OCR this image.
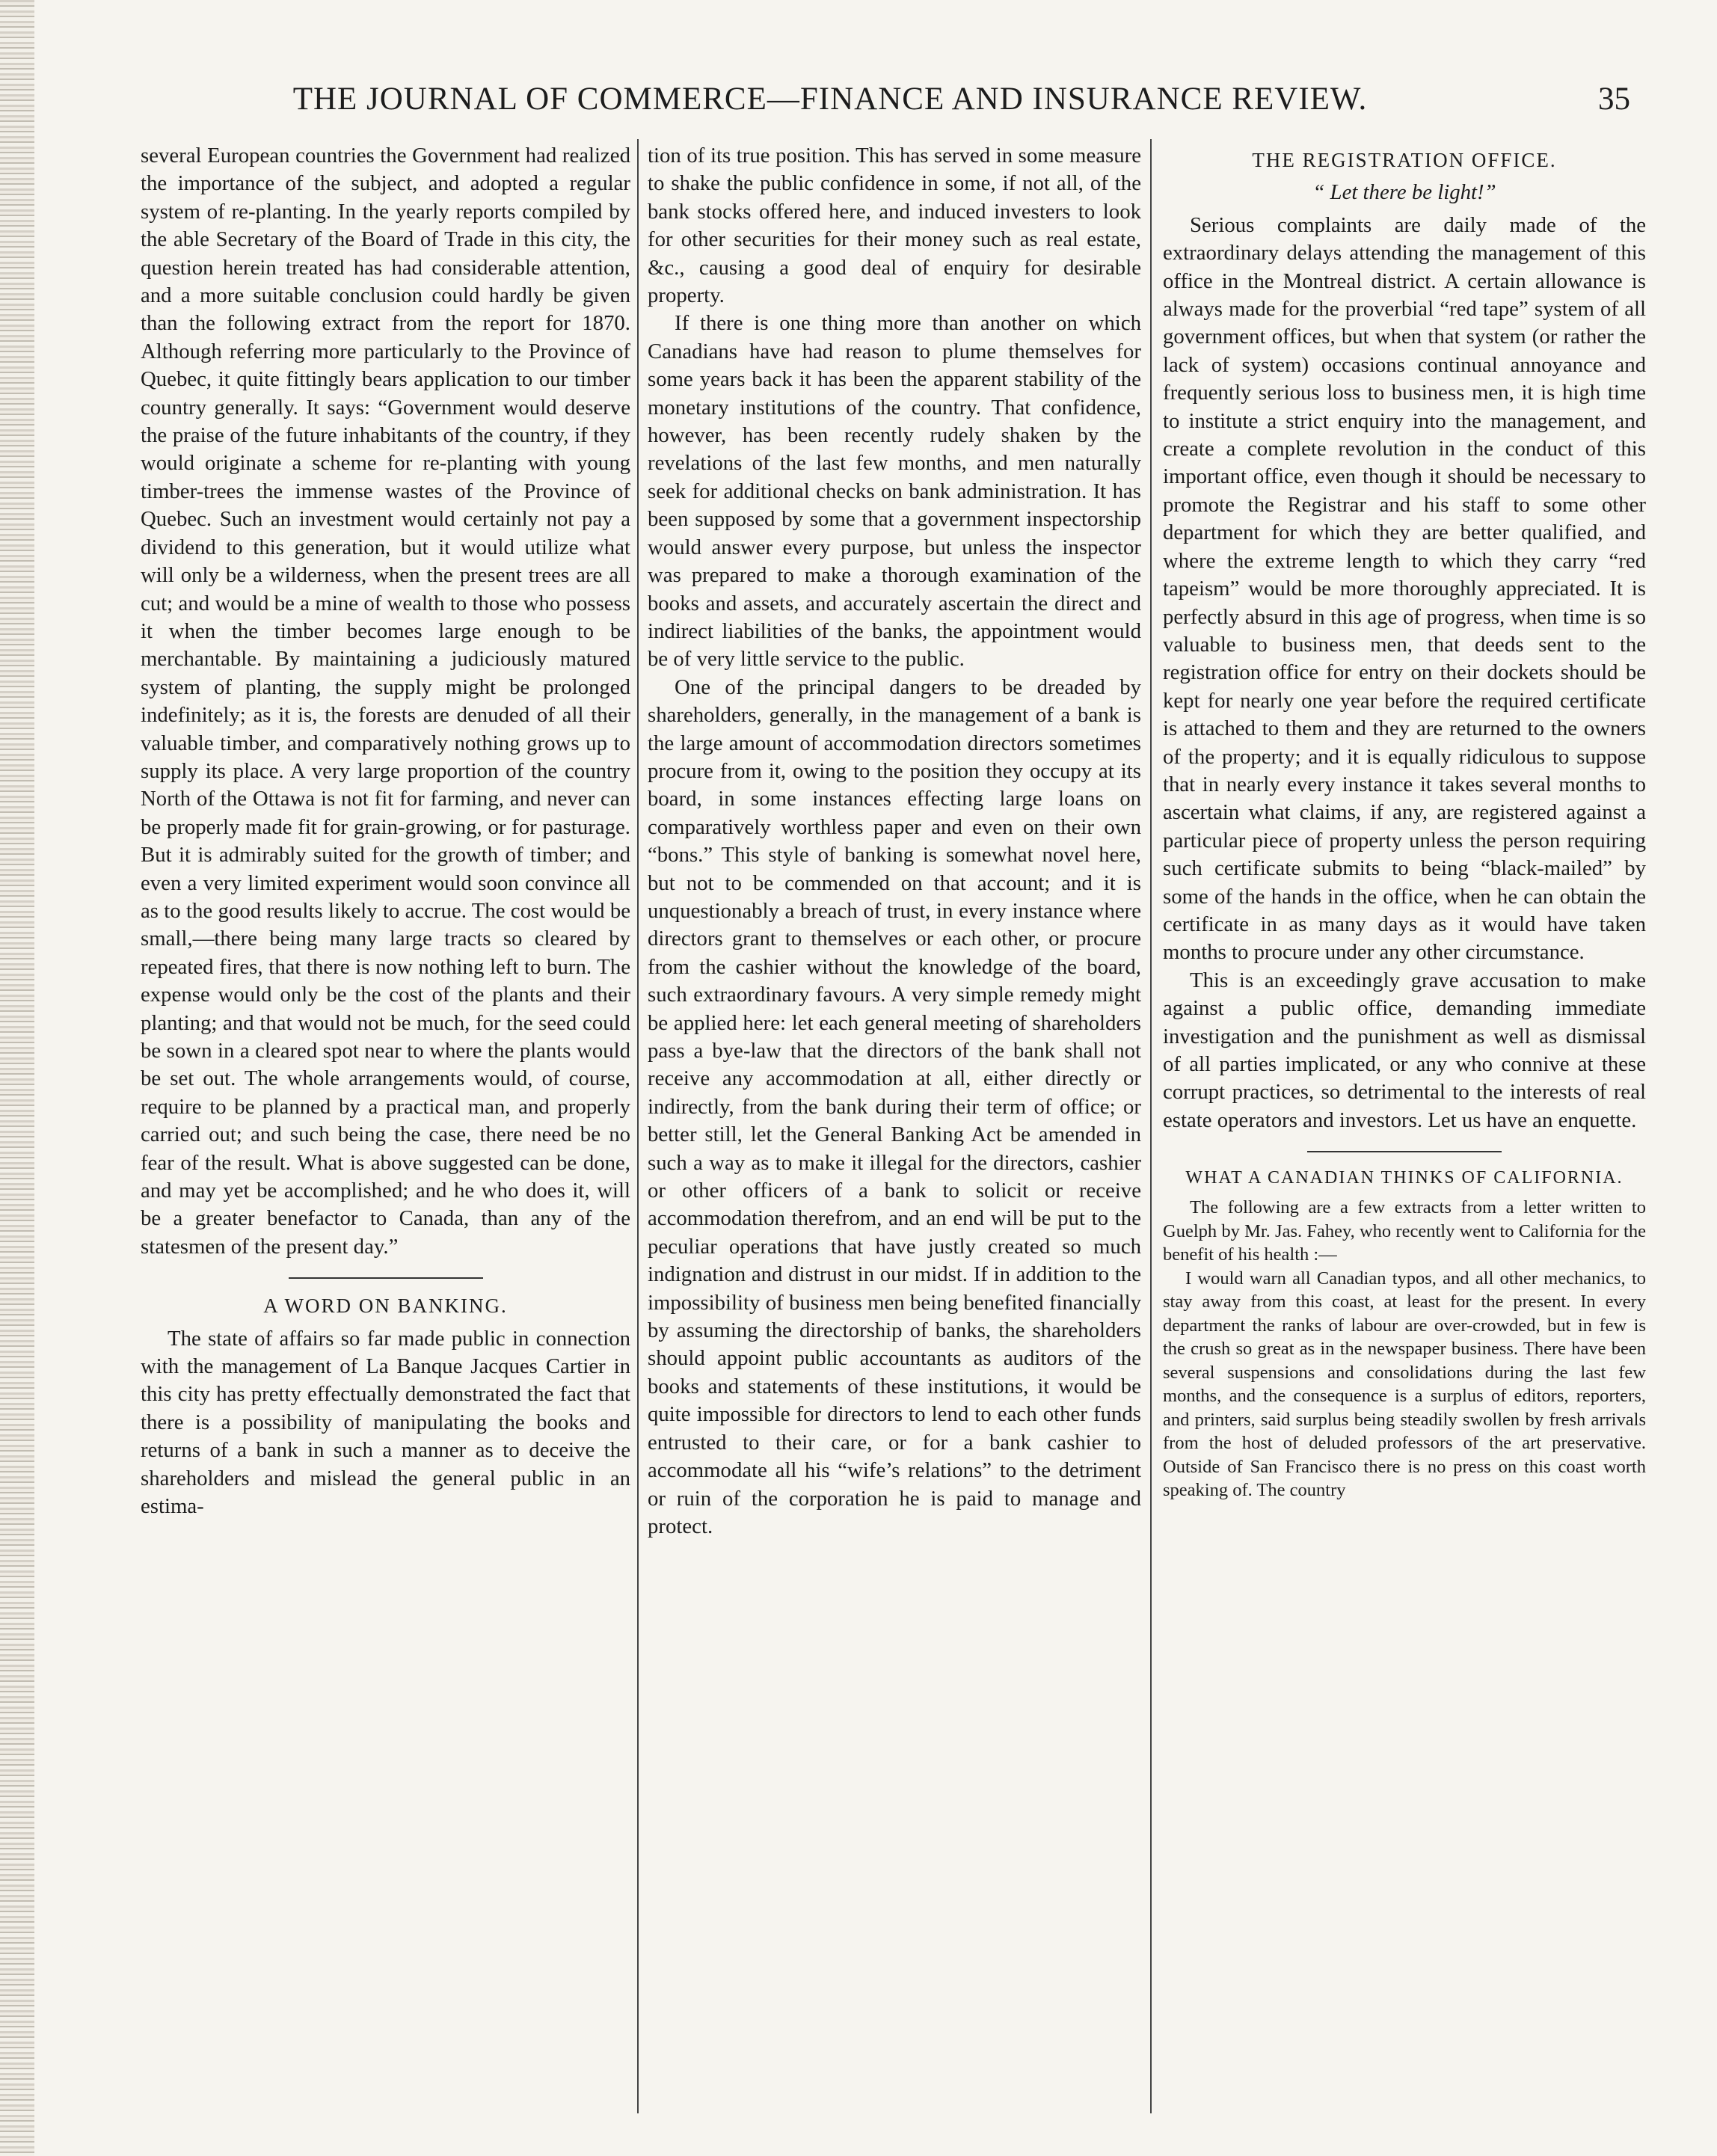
THE JOURNAL OF COMMERCE—FINANCE AND INSURANCE REVIEW.	35

several European countries the Government had realized the importance of the subject, and adopted a regular system of re-planting. In the yearly reports compiled by the able Secretary of the Board of Trade in this city, the question herein treated has had considerable attention, and a more suitable conclusion could hardly be given than the following extract from the report for 1870. Although referring more particularly to the Province of Quebec, it quite fittingly bears application to our timber country generally. It says: “Government would deserve the praise of the future inhabitants of the country, if they would originate a scheme for re-planting with young timber-trees the immense wastes of the Province of Quebec. Such an investment would certainly not pay a dividend to this generation, but it would utilize what will only be a wilderness, when the present trees are all cut; and would be a mine of wealth to those who possess it when the timber becomes large enough to be merchantable. By maintaining a judiciously matured system of planting, the supply might be prolonged indefinitely; as it is, the forests are denuded of all their valuable timber, and comparatively nothing grows up to supply its place. A very large proportion of the country North of the Ottawa is not fit for farming, and never can be properly made fit for grain-growing, or for pasturage. But it is admirably suited for the growth of timber; and even a very limited experiment would soon convince all as to the good results likely to accrue. The cost would be small,—there being many large tracts so cleared by repeated fires, that there is now nothing left to burn. The expense would only be the cost of the plants and their planting; and that would not be much, for the seed could be sown in a cleared spot near to where the plants would be set out. The whole arrangements would, of course, require to be planned by a practical man, and properly carried out; and such being the case, there need be no fear of the result. What is above suggested can be done, and may yet be accomplished; and he who does it, will be a greater benefactor to Canada, than any of the statesmen of the present day.”

A WORD ON BANKING.

The state of affairs so far made public in connection with the management of La Banque Jacques Cartier in this city has pretty effectually demonstrated the fact that there is a possibility of manipulating the books and returns of a bank in such a manner as to deceive the shareholders and mislead the general public in an estima-

tion of its true position. This has served in some measure to shake the public confidence in some, if not all, of the bank stocks offered here, and induced investers to look for other securities for their money such as real estate, &c., causing a good deal of enquiry for desirable property.

If there is one thing more than another on which Canadians have had reason to plume themselves for some years back it has been the apparent stability of the monetary institutions of the country. That confidence, however, has been recently rudely shaken by the revelations of the last few months, and men naturally seek for additional checks on bank administration. It has been supposed by some that a government inspectorship would answer every purpose, but unless the inspector was prepared to make a thorough examination of the books and assets, and accurately ascertain the direct and indirect liabilities of the banks, the appointment would be of very little service to the public.

One of the principal dangers to be dreaded by shareholders, generally, in the management of a bank is the large amount of accommodation directors sometimes procure from it, owing to the position they occupy at its board, in some instances effecting large loans on comparatively worthless paper and even on their own “bons.” This style of banking is somewhat novel here, but not to be commended on that account; and it is unquestionably a breach of trust, in every instance where directors grant to themselves or each other, or procure from the cashier without the knowledge of the board, such extraordinary favours. A very simple remedy might be applied here: let each general meeting of shareholders pass a bye-law that the directors of the bank shall not receive any accommodation at all, either directly or indirectly, from the bank during their term of office; or better still, let the General Banking Act be amended in such a way as to make it illegal for the directors, cashier or other officers of a bank to solicit or receive accommodation therefrom, and an end will be put to the peculiar operations that have justly created so much indignation and distrust in our midst. If in addition to the impossibility of business men being benefited financially by assuming the directorship of banks, the shareholders should appoint public accountants as auditors of the books and statements of these institutions, it would be quite impossible for directors to lend to each other funds entrusted to their care, or for a bank cashier to accommodate all his “wife’s relations” to the detriment or ruin of the corporation he is paid to manage and protect.

THE REGISTRATION OFFICE.
“ Let there be light!”

Serious complaints are daily made of the extraordinary delays attending the management of this office in the Montreal district. A certain allowance is always made for the proverbial “red tape” system of all government offices, but when that system (or rather the lack of system) occasions continual annoyance and frequently serious loss to business men, it is high time to institute a strict enquiry into the management, and create a complete revolution in the conduct of this important office, even though it should be necessary to promote the Registrar and his staff to some other department for which they are better qualified, and where the extreme length to which they carry “red tapeism” would be more thoroughly appreciated. It is perfectly absurd in this age of progress, when time is so valuable to business men, that deeds sent to the registration office for entry on their dockets should be kept for nearly one year before the required certificate is attached to them and they are returned to the owners of the property; and it is equally ridiculous to suppose that in nearly every instance it takes several months to ascertain what claims, if any, are registered against a particular piece of property unless the person requiring such certificate submits to being “black-mailed” by some of the hands in the office, when he can obtain the certificate in as many days as it would have taken months to procure under any other circumstance.

This is an exceedingly grave accusation to make against a public office, demanding immediate investigation and the punishment as well as dismissal of all parties implicated, or any who connive at these corrupt practices, so detrimental to the interests of real estate operators and investors. Let us have an enquette.

WHAT A CANADIAN THINKS OF CALIFORNIA.

The following are a few extracts from a letter written to Guelph by Mr. Jas. Fahey, who recently went to California for the benefit of his health :—

I would warn all Canadian typos, and all other mechanics, to stay away from this coast, at least for the present. In every department the ranks of labour are over-crowded, but in few is the crush so great as in the newspaper business. There have been several suspensions and consolidations during the last few months, and the consequence is a surplus of editors, reporters, and printers, said surplus being steadily swollen by fresh arrivals from the host of deluded professors of the art preservative. Outside of San Francisco there is no press on this coast worth speaking of. The country
